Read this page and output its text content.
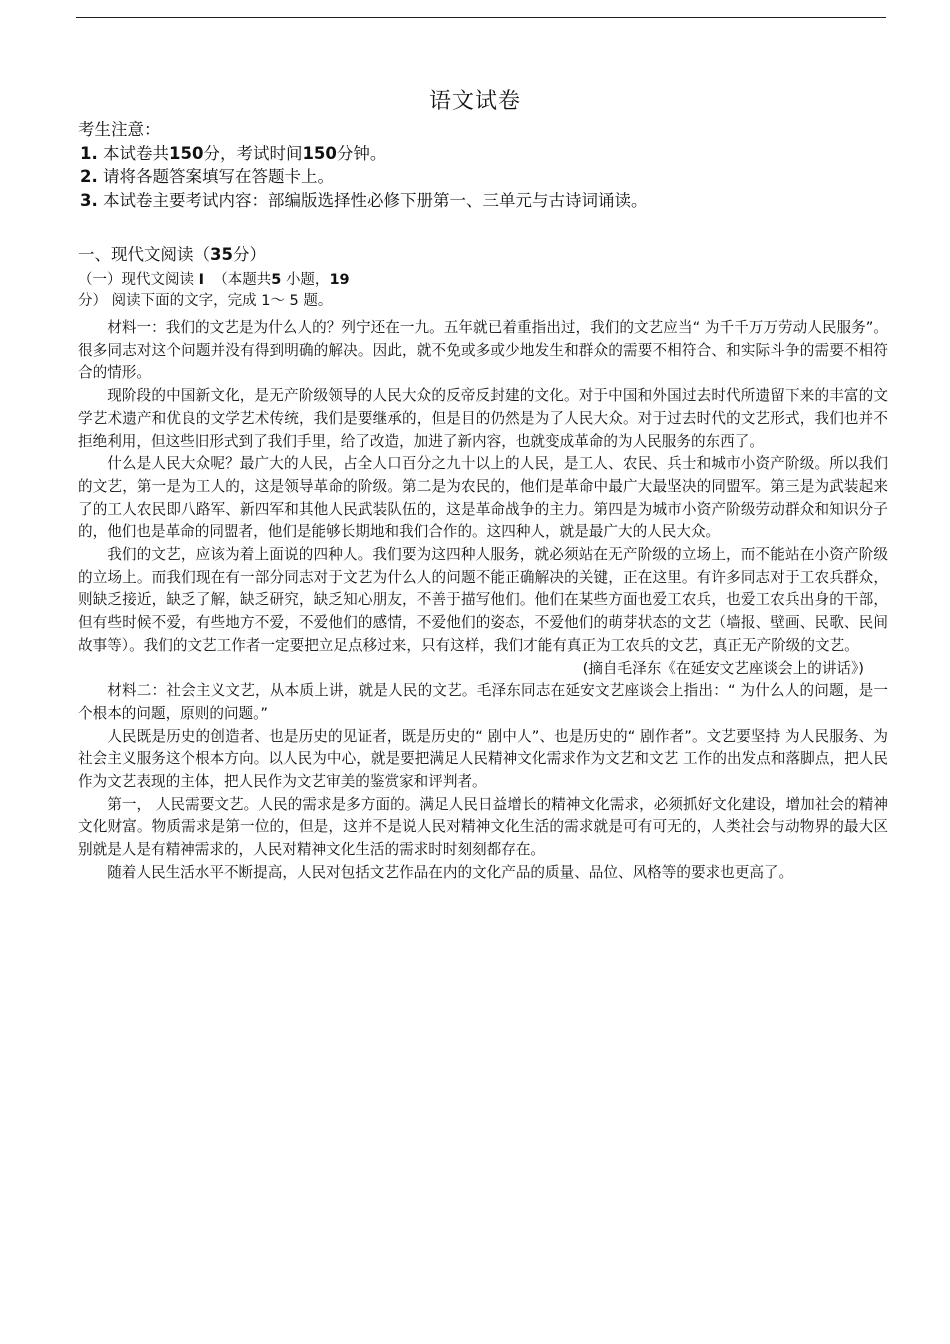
语文试卷
考生注意：
1. 本试卷共150分，考试时间150分钟。
2. 请将各题答案填写在答题卡上。
3. 本试卷主要考试内容：部编版选择性必修下册第一、三单元与古诗词诵读。
一、现代文阅读（35分）
（一）现代文阅读 I （本题共5 小题，19
分） 阅读下面的文字，完成 1～ 5 题。

材料一：我们的文艺是为什么人的？列宁还在一九。五年就已着重指出过，我们的文艺应当“ 为千千万万劳动人民服务”。很多同志对这个问题并没有得到明确的解决。因此，就不免或多或少地发生和群众的需要不相符合、和实际斗争的需要不相符合的情形。

现阶段的中国新文化，是无产阶级领导的人民大众的反帝反封建的文化。对于中国和外国过去时代所遗留下来的丰富的文学艺术遗产和优良的文学艺术传统，我们是要继承的，但是目的仍然是为了人民大众。对于过去时代的文艺形式，我们也并不拒绝利用，但这些旧形式到了我们手里，给了改造，加进了新内容，也就变成革命的为人民服务的东西了。

什么是人民大众呢？最广大的人民，占全人口百分之九十以上的人民，是工人、农民、兵士和城市小资产阶级。所以我们的文艺，第一是为工人的，这是领导革命的阶级。第二是为农民的，他们是革命中最广大最坚决的同盟军。第三是为武装起来了的工人农民即八路军、新四军和其他人民武装队伍的，这是革命战争的主力。第四是为城市小资产阶级劳动群众和知识分子的，他们也是革命的同盟者，他们是能够长期地和我们合作的。这四种人，就是最广大的人民大众。

我们的文艺，应该为着上面说的四种人。我们要为这四种人服务，就必须站在无产阶级的立场上，而不能站在小资产阶级的立场上。而我们现在有一部分同志对于文艺为什么人的问题不能正确解决的关键，正在这里。有许多同志对于工农兵群众，则缺乏接近，缺乏了解，缺乏研究，缺乏知心朋友，不善于描写他们。他们在某些方面也爱工农兵，也爱工农兵出身的干部，但有些时候不爱，有些地方不爱，不爱他们的感情，不爱他们的姿态，不爱他们的萌芽状态的文艺（墙报、壁画、民歌、民间故事等）。我们的文艺工作者一定要把立足点移过来，只有这样，我们才能有真正为工农兵的文艺，真正无产阶级的文艺。

(摘自毛泽东《在延安文艺座谈会上的讲话》)

材料二：社会主义文艺，从本质上讲，就是人民的文艺。毛泽东同志在延安文艺座谈会上指出：“ 为什么人的问题，是一个根本的问题，原则的问题。”

人民既是历史的创造者、也是历史的见证者，既是历史的“ 剧中人”、也是历史的“ 剧作者”。文艺要坚持 为人民服务、为社会主义服务这个根本方向。以人民为中心，就是要把满足人民精神文化需求作为文艺和文艺 工作的出发点和落脚点，把人民作为文艺表现的主体，把人民作为文艺审美的鉴赏家和评判者。

第一， 人民需要文艺。人民的需求是多方面的。满足人民日益增长的精神文化需求，必须抓好文化建设，增加社会的精神文化财富。物质需求是第一位的，但是，这并不是说人民对精神文化生活的需求就是可有可无的，人类社会与动物界的最大区别就是人是有精神需求的，人民对精神文化生活的需求时时刻刻都存在。

随着人民生活水平不断提高，人民对包括文艺作品在内的文化产品的质量、品位、风格等的要求也更高了。
